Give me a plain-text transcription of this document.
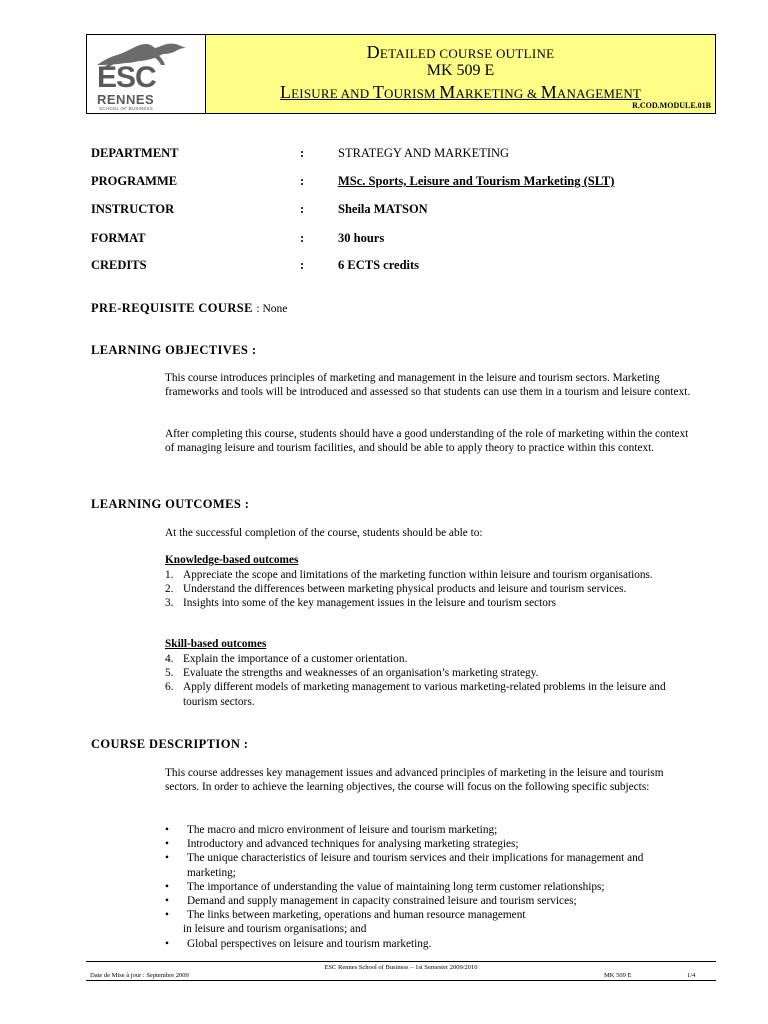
ESC
RENNES
SCHOOL OF BUSINESS
DETAILED COURSE OUTLINE
MK 509 E
LEISURE AND TOURISM MARKETING & MANAGEMENT
R.COD.MODULE.01B
DEPARTMENT	:	STRATEGY AND MARKETING
PROGRAMME	:	MSc. Sports, Leisure and Tourism Marketing (SLT)
INSTRUCTOR	:	Sheila MATSON
FORMAT	:	30 hours
CREDITS	:	6 ECTS credits
PRE-REQUISITE COURSE : None
LEARNING OBJECTIVES :
This course introduces principles of marketing and management in the leisure and tourism sectors. Marketing frameworks and tools will be introduced and assessed so that students can use them in a tourism and leisure context.
After completing this course, students should have a good understanding of the role of marketing within the context of managing leisure and tourism facilities, and should be able to apply theory to practice within this context.
LEARNING OUTCOMES :
At the successful completion of the course, students should be able to:
Knowledge-based outcomes
1. Appreciate the scope and limitations of the marketing function within leisure and tourism organisations.
2. Understand the differences between marketing physical products and leisure and tourism services.
3. Insights into some of the key management issues in the leisure and tourism sectors
Skill-based outcomes
4. Explain the importance of a customer orientation.
5. Evaluate the strengths and weaknesses of an organisation’s marketing strategy.
6. Apply different models of marketing management to various marketing-related problems in the leisure and tourism sectors.
COURSE DESCRIPTION :
This course addresses key management issues and advanced principles of marketing in the leisure and tourism sectors. In order to achieve the learning objectives, the course will focus on the following specific subjects:
• The macro and micro environment of leisure and tourism marketing;
• Introductory and advanced techniques for analysing marketing strategies;
• The unique characteristics of leisure and tourism services and their implications for management and marketing;
• The importance of understanding the value of maintaining long term customer relationships;
• Demand and supply management in capacity constrained leisure and tourism services;
• The links between marketing, operations and human resource management
in leisure and tourism organisations; and
• Global perspectives on leisure and tourism marketing.
Date de Mise à jour : Septembre 2009
ESC Rennes School of Business – 1st Semester 2009/2010
MK 509 E	1/4
